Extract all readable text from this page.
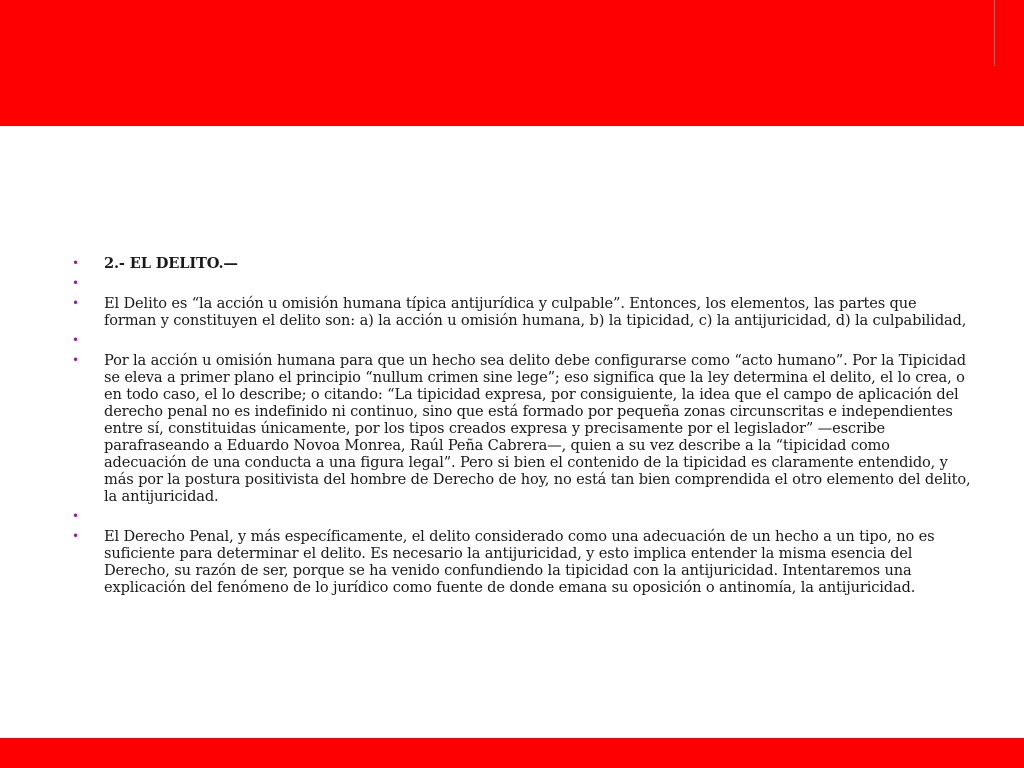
• 2.- EL DELITO.—
•
• El Delito es “la acción u omisión humana típica antijurídica y culpable”. Entonces, los elementos, las partes que forman y constituyen el delito son: a) la acción u omisión humana, b) la tipicidad, c) la antijuricidad, d) la culpabilidad,
•
• Por la acción u omisión humana para que un hecho sea delito debe configurarse como “acto humano”. Por la Tipicidad se eleva a primer plano el principio “nullum crimen sine lege”; eso significa que la ley determina el delito, el lo crea, o en todo caso, el lo describe; o citando: “La tipicidad expresa, por consiguiente, la idea que el campo de aplicación del derecho penal no es indefinido ni continuo, sino que está formado por pequeña zonas circunscritas e independientes entre sí, constituidas únicamente, por los tipos creados expresa y precisamente por el legislador” —escribe parafraseando a Eduardo Novoa Monrea, Raúl Peña Cabrera—, quien a su vez describe a la “tipicidad como adecuación de una conducta a una figura legal”. Pero si bien el contenido de la tipicidad es claramente entendido, y más por la postura positivista del hombre de Derecho de hoy, no está tan bien comprendida el otro elemento del delito, la antijuricidad.
•
• El Derecho Penal, y más específicamente, el delito considerado como una adecuación de un hecho a un tipo, no es suficiente para determinar el delito. Es necesario la antijuricidad, y esto implica entender la misma esencia del Derecho, su razón de ser, porque se ha venido confundiendo la tipicidad con la antijuricidad. Intentaremos una explicación del fenómeno de lo jurídico como fuente de donde emana su oposición o antinomía, la antijuricidad.
